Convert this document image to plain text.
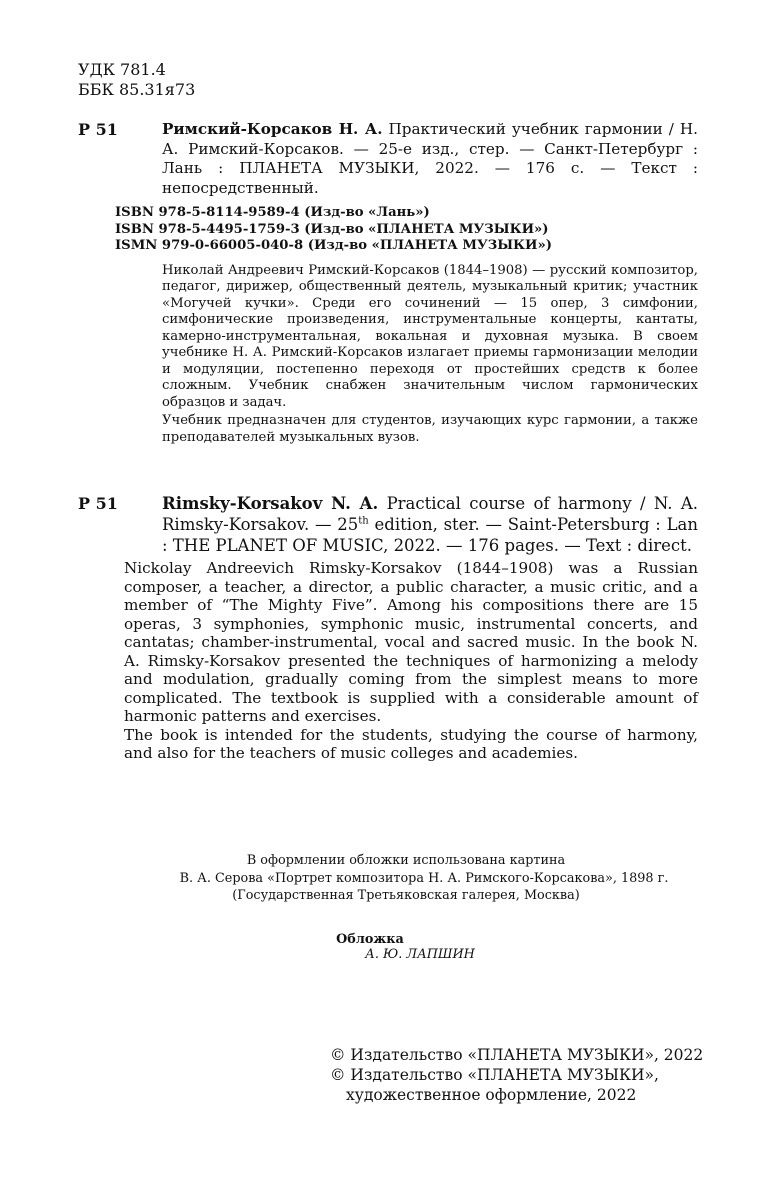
УДК 781.4
ББК 85.31я73
Р 51	Римский-Корсаков Н. А. Практический учебник гармонии / Н. А. Римский-Корсаков. — 25-е изд., стер. — Санкт-Петербург : Лань : ПЛАНЕТА МУЗЫКИ, 2022. — 176 с. — Текст : непосредственный.
ISBN 978-5-8114-9589-4 (Изд-во «Лань»)
ISBN 978-5-4495-1759-3 (Изд-во «ПЛАНЕТА МУЗЫКИ»)
ISMN 979-0-66005-040-8 (Изд-во «ПЛАНЕТА МУЗЫКИ»)

Николай Андреевич Римский-Корсаков (1844–1908) — русский композитор, педагог, дирижер, общественный деятель, музыкальный критик; участник «Могучей кучки». Среди его сочинений — 15 опер, 3 симфонии, симфонические произведения, инструментальные концерты, кантаты, камерно-инструментальная, вокальная и духовная музыка. В своем учебнике Н. А. Римский-Корсаков излагает приемы гармонизации мелодии и модуляции, постепенно переходя от простейших средств к более сложным. Учебник снабжен значительным числом гармонических образцов и задач.

Учебник предназначен для студентов, изучающих курс гармонии, а также преподавателей музыкальных вузов.

Р 51	Rimsky-Korsakov N. A. Practical course of harmony / N. A. Rimsky-Korsakov. — 25th edition, ster. — Saint-Petersburg : Lan : THE PLANET OF MUSIC, 2022. — 176 pages. — Text : direct.

Nickolay Andreevich Rimsky-Korsakov (1844–1908) was a Russian composer, a teacher, a director, a public character, a music critic, and a member of “The Mighty Five”. Among his compositions there are 15 operas, 3 symphonies, symphonic music, instrumental concerts, and cantatas; chamber-instrumental, vocal and sacred music. In the book N. A. Rimsky-Korsakov presented the techniques of harmonizing a melody and modulation, gradually coming from the simplest means to more complicated. The textbook is supplied with a considerable amount of harmonic patterns and exercises.

The book is intended for the students, studying the course of harmony, and also for the teachers of music colleges and academies.

В оформлении обложки использована картина
В. А. Серова «Портрет композитора Н. А. Римского-Корсакова», 1898 г.
(Государственная Третьяковская галерея, Москва)
Обложка
А. Ю. ЛАПШИН
© Издательство «ПЛАНЕТА МУЗЫКИ», 2022
© Издательство «ПЛАНЕТА МУЗЫКИ»,
художественное оформление, 2022
